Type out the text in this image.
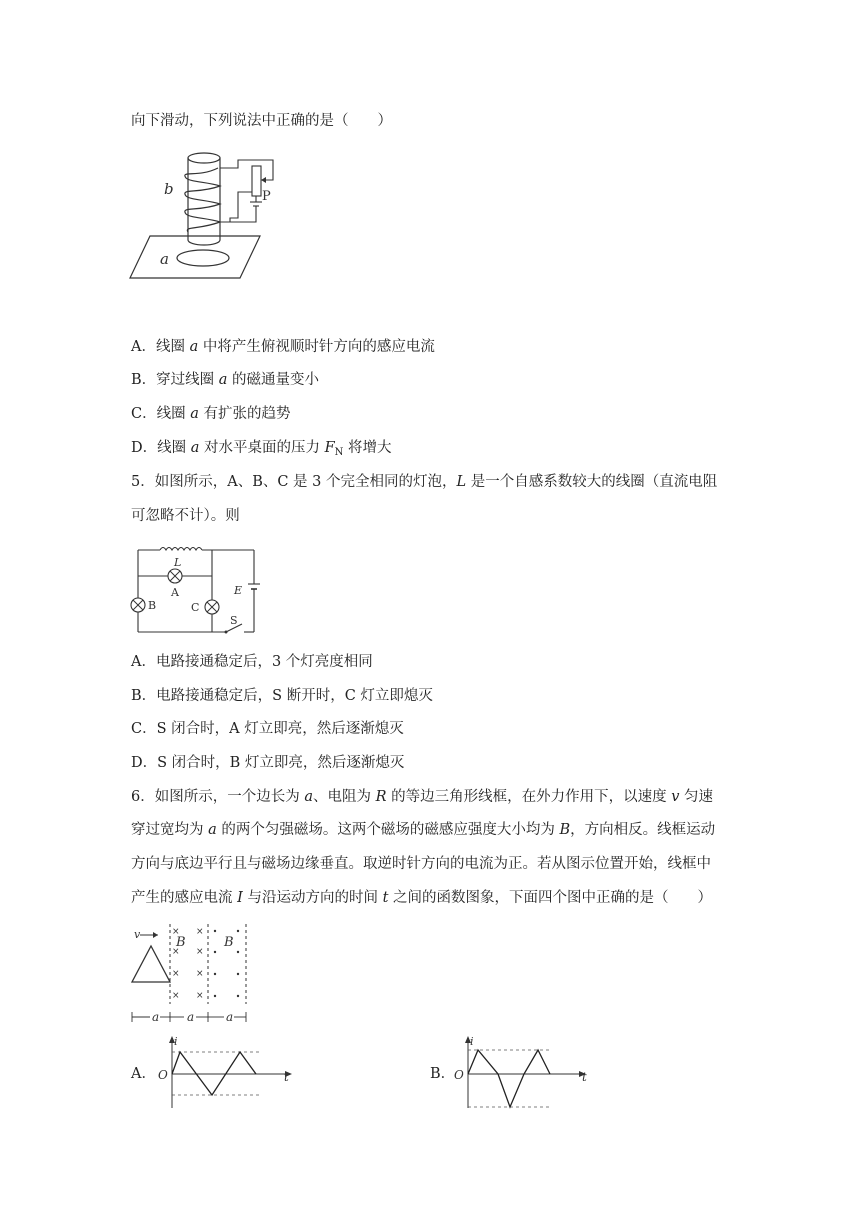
向下滑动，下列说法中正确的是（　　）
b
a
P
A．线圈 a 中将产生俯视顺时针方向的感应电流
B．穿过线圈 a 的磁通量变小
C．线圈 a 有扩张的趋势
D．线圈 a 对水平桌面的压力 $F_N$ 将增大
5．如图所示，A、B、C 是 3 个完全相同的灯泡，L 是一个自感系数较大的线圈（直流电阻
可忽略不计）。则
L
A
B	C
E
S
A．电路接通稳定后，3 个灯亮度相同
B．电路接通稳定后，S 断开时，C 灯立即熄灭
C．S 闭合时，A 灯立即亮，然后逐渐熄灭
D．S 闭合时，B 灯立即亮，然后逐渐熄灭
6．如图所示，一个边长为 a、电阻为 R 的等边三角形线框，在外力作用下，以速度 v 匀速
穿过宽均为 a 的两个匀强磁场。这两个磁场的磁感应强度大小均为 B，方向相反。线框运动
方向与底边平行且与磁场边缘垂直。取逆时针方向的电流为正。若从图示位置开始，线框中
产生的感应电流 I 与沿运动方向的时间 t 之间的函数图象，下面四个图中正确的是（　　）
× ×
× ×
× ×
× ×
v
B	B
a a	a
A．
i
O	t	B．
i
O	t
